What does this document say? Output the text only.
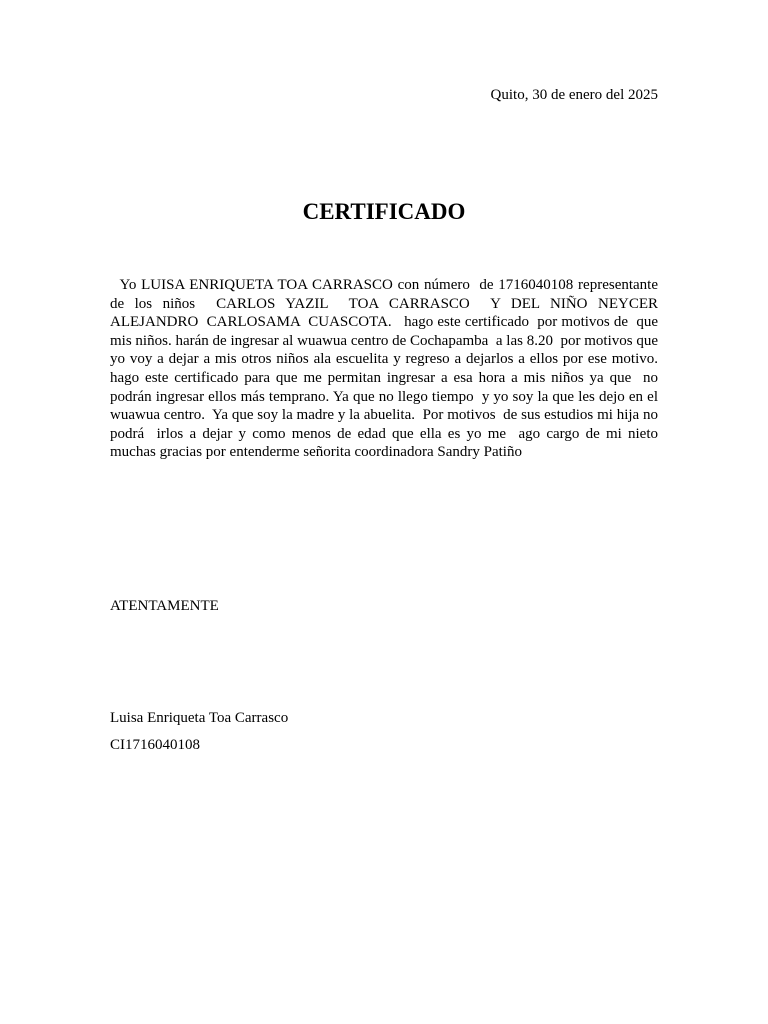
Quito, 30 de enero del 2025
CERTIFICADO

Yo LUISA ENRIQUETA TOA CARRASCO con número  de 1716040108 representante de los niños  CARLOS YAZIL  TOA CARRASCO  Y DEL NIÑO NEYCER ALEJANDRO  CARLOSAMA  CUASCOTA.   hago este certificado  por motivos de  que mis niños. harán de ingresar al wuawua centro de Cochapamba  a las 8.20  por motivos que yo voy a dejar a mis otros niños ala escuelita y regreso a dejarlos a ellos por ese motivo.  hago este certificado para que me permitan ingresar a esa hora a mis niños ya que  no podrán ingresar ellos más temprano. Ya que no llego tiempo  y yo soy la que les dejo en el wuawua centro.  Ya que soy la madre y la abuelita.  Por motivos  de sus estudios mi hija no podrá  irlos a dejar y como menos de edad que ella es yo me  ago cargo de mi nieto  muchas gracias por entenderme señorita coordinadora Sandry Patiño

ATENTAMENTE

Luisa Enriqueta Toa Carrasco

CI1716040108
